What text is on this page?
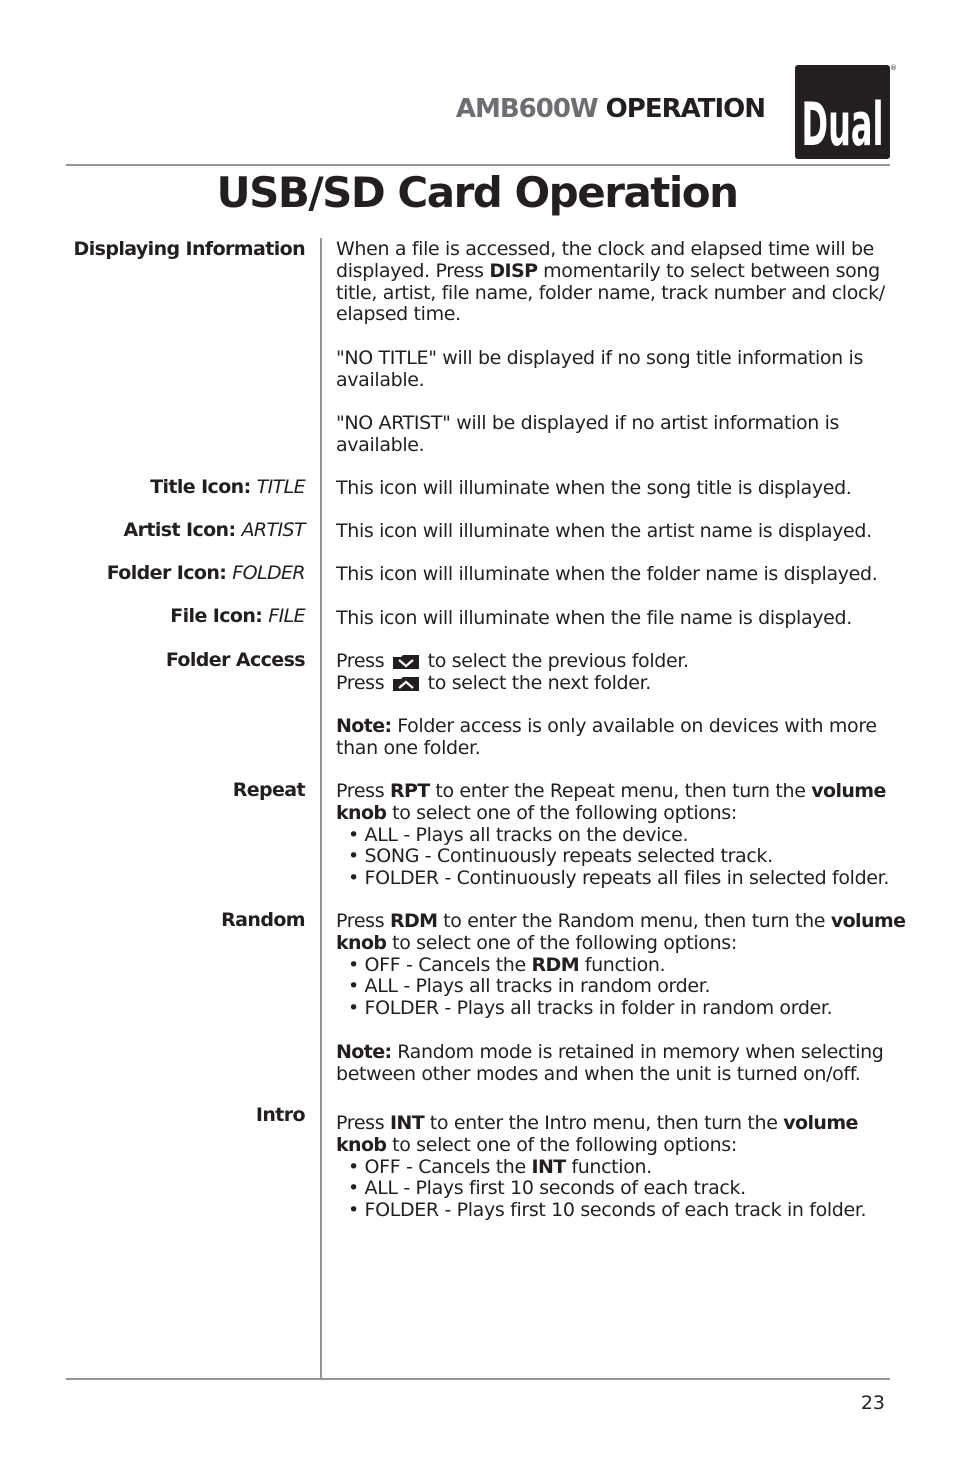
AMB600W OPERATION Dual
®
USB/SD Card Operation
Displaying Information
Title Icon: TITLE
Artist Icon: ARTIST
Folder Icon: FOLDER
File Icon: FILE
Folder Access
Repeat
Random
Intro

When a file is accessed, the clock and elapsed time will be displayed. Press DISP momentarily to select between song title, artist, file name, folder name, track number and clock/ elapsed time.

"NO TITLE" will be displayed if no song title information is available.

"NO ARTIST" will be displayed if no artist information is available.

This icon will illuminate when the song title is displayed.
This icon will illuminate when the artist name is displayed.
This icon will illuminate when the folder name is displayed.
This icon will illuminate when the file name is displayed.

Press to select the previous folder.

Press to select the next folder.

Note: Folder access is only available on devices with more than one folder.

Press RPT to enter the Repeat menu, then turn the volume knob to select one of the following options:

• ALL - Plays all tracks on the device.

• SONG - Continuously repeats selected track.

• FOLDER - Continuously repeats all files in selected folder.

Press RDM to enter the Random menu, then turn the volume knob to select one of the following options:

• OFF - Cancels the RDM function.

• ALL - Plays all tracks in random order.

• FOLDER - Plays all tracks in folder in random order.

Note: Random mode is retained in memory when selecting between other modes and when the unit is turned on/off.

Press INT to enter the Intro menu, then turn the volume knob to select one of the following options:

• OFF - Cancels the INT function.

• ALL - Plays first 10 seconds of each track.

• FOLDER - Plays first 10 seconds of each track in folder.

23
